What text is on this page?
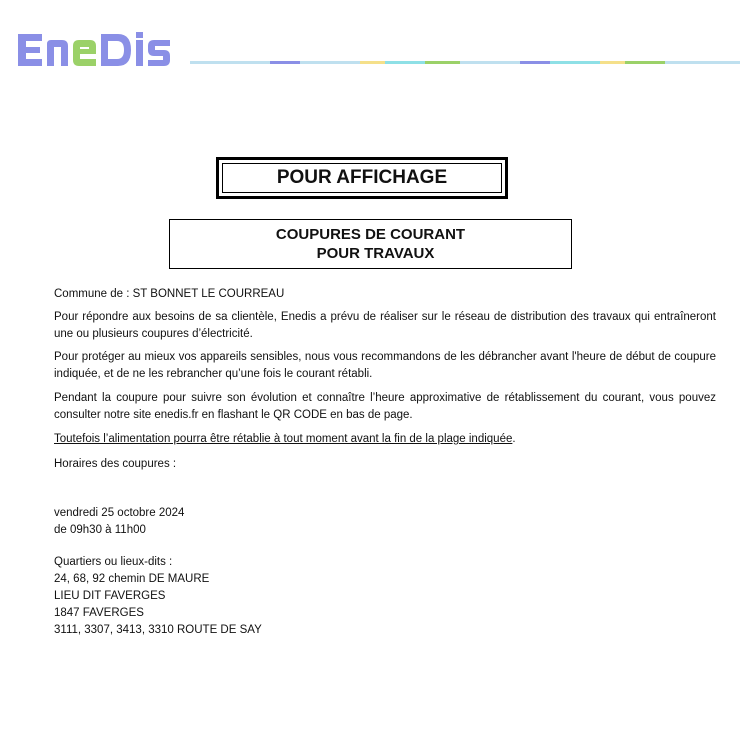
POUR AFFICHAGE
COUPURES DE COURANT
POUR TRAVAUX
Commune de : ST BONNET LE COURREAU

Pour répondre aux besoins de sa clientèle, Enedis a prévu de réaliser sur le réseau de distribution des travaux qui entraîneront une ou plusieurs coupures d’électricité.

Pour protéger au mieux vos appareils sensibles, nous vous recommandons de les débrancher avant l'heure de début de coupure indiquée, et de ne les rebrancher qu’une fois le courant rétabli.

Pendant la coupure pour suivre son évolution et connaître l’heure approximative de rétablissement du courant, vous pouvez consulter notre site enedis.fr en flashant le QR CODE en bas de page.

Toutefois l’alimentation pourra être rétablie à tout moment avant la fin de la plage indiquée.
Horaires des coupures :

vendredi 25 octobre 2024

de 09h30 à 11h00

Quartiers ou lieux-dits :

24, 68, 92 chemin DE MAURE

LIEU DIT FAVERGES

1847 FAVERGES

3111, 3307, 3413, 3310 ROUTE DE SAY
